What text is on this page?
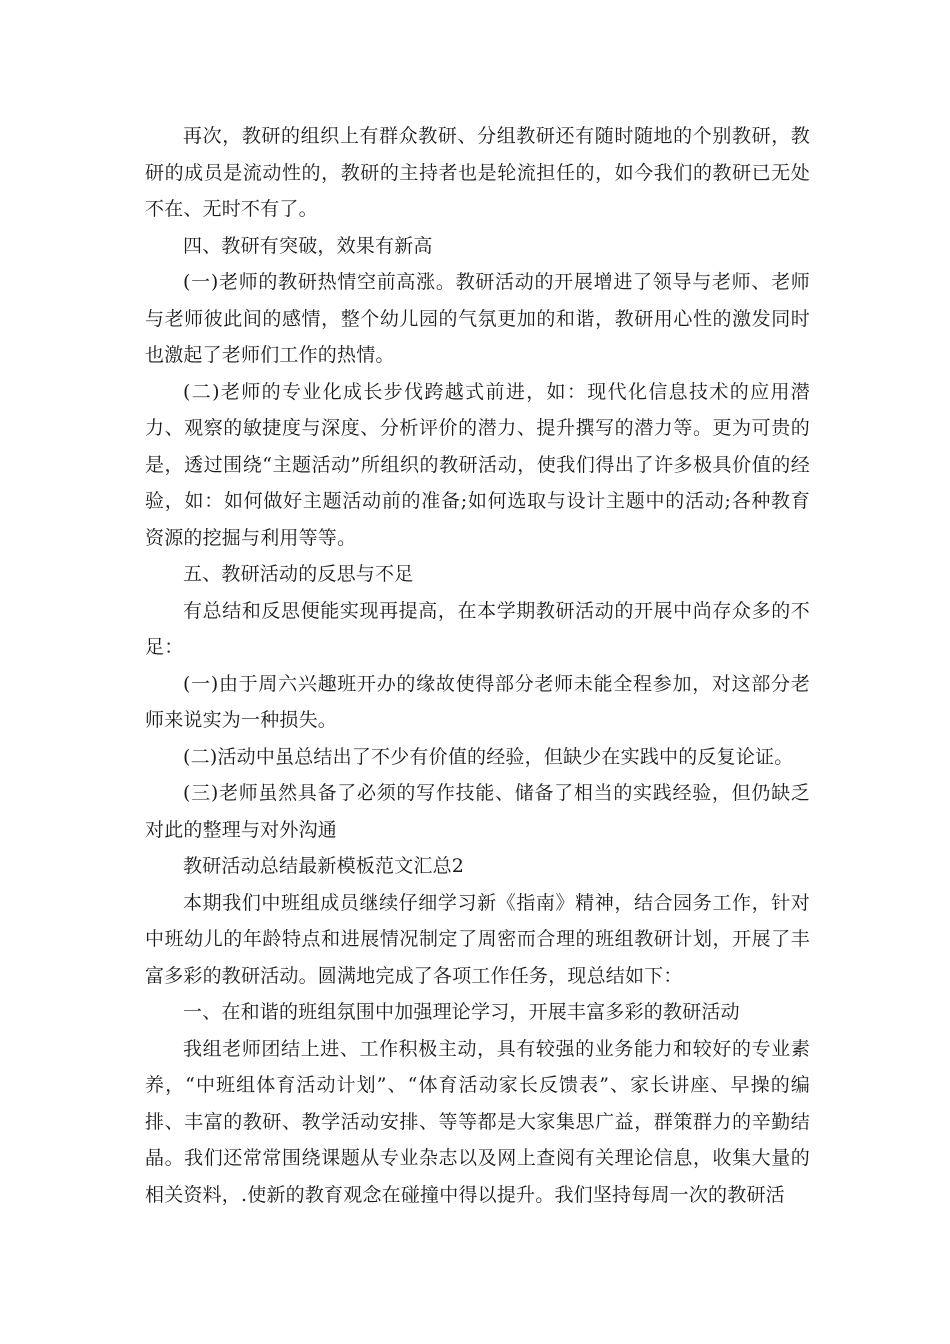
再次，教研的组织上有群众教研、分组教研还有随时随地的个别教研，教研的成员是流动性的，教研的主持者也是轮流担任的，如今我们的教研已无处不在、无时不有了。

四、教研有突破，效果有新高

(一)老师的教研热情空前高涨。教研活动的开展增进了领导与老师、老师与老师彼此间的感情，整个幼儿园的气氛更加的和谐，教研用心性的激发同时也激起了老师们工作的热情。

(二)老师的专业化成长步伐跨越式前进，如：现代化信息技术的应用潜力、观察的敏捷度与深度、分析评价的潜力、提升撰写的潜力等。更为可贵的是，透过围绕“主题活动”所组织的教研活动，使我们得出了许多极具价值的经验，如：如何做好主题活动前的准备;如何选取与设计主题中的活动;各种教育资源的挖掘与利用等等。

五、教研活动的反思与不足

有总结和反思便能实现再提高，在本学期教研活动的开展中尚存众多的不足：

(一)由于周六兴趣班开办的缘故使得部分老师未能全程参加，对这部分老师来说实为一种损失。

(二)活动中虽总结出了不少有价值的经验，但缺少在实践中的反复论证。

(三)老师虽然具备了必须的写作技能、储备了相当的实践经验，但仍缺乏对此的整理与对外沟通

教研活动总结最新模板范文汇总2

本期我们中班组成员继续仔细学习新《指南》精神，结合园务工作，针对中班幼儿的年龄特点和进展情况制定了周密而合理的班组教研计划，开展了丰富多彩的教研活动。圆满地完成了各项工作任务，现总结如下：

一、在和谐的班组氛围中加强理论学习，开展丰富多彩的教研活动

我组老师团结上进、工作积极主动，具有较强的业务能力和较好的专业素养，“中班组体育活动计划”、“体育活动家长反馈表”、家长讲座、早操的编排、丰富的教研、教学活动安排、等等都是大家集思广益，群策群力的辛勤结晶。我们还常常围绕课题从专业杂志以及网上查阅有关理论信息，收集大量的相关资料，.使新的教育观念在碰撞中得以提升。我们坚持每周一次的教研活
